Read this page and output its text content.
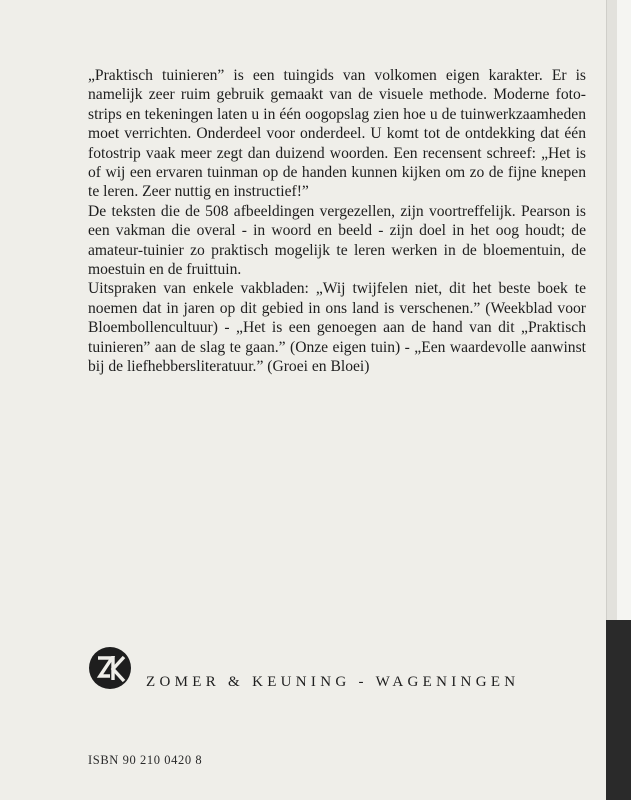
„Praktisch tuinieren” is een tuingids van volkomen eigen karakter. Er is namelijk zeer ruim gebruik gemaakt van de visuele methode. Moderne foto-strips en tekeningen laten u in één oogopslag zien hoe u de tuinwerkzaamheden moet verrichten. Onderdeel voor onderdeel. U komt tot de ontdekking dat één fotostrip vaak meer zegt dan duizend woorden. Een recensent schreef: „Het is of wij een ervaren tuinman op de handen kunnen kijken om zo de fijne knepen te leren. Zeer nuttig en instructief!”

De teksten die de 508 afbeeldingen vergezellen, zijn voortreffelijk. Pearson is een vakman die overal - in woord en beeld - zijn doel in het oog houdt; de amateur-tuinier zo praktisch mogelijk te leren werken in de bloementuin, de moestuin en de fruittuin.

Uitspraken van enkele vakbladen: „Wij twijfelen niet, dit het beste boek te noemen dat in jaren op dit gebied in ons land is verschenen.” (Weekblad voor Bloembollencultuur) - „Het is een genoegen aan de hand van dit „Praktisch tuinieren” aan de slag te gaan.” (Onze eigen tuin) - „Een waardevolle aanwinst bij de liefhebbersliteratuur.” (Groei en Bloei)

ZOMER & KEUNING - WAGENINGEN
ISBN 90 210 0420 8
